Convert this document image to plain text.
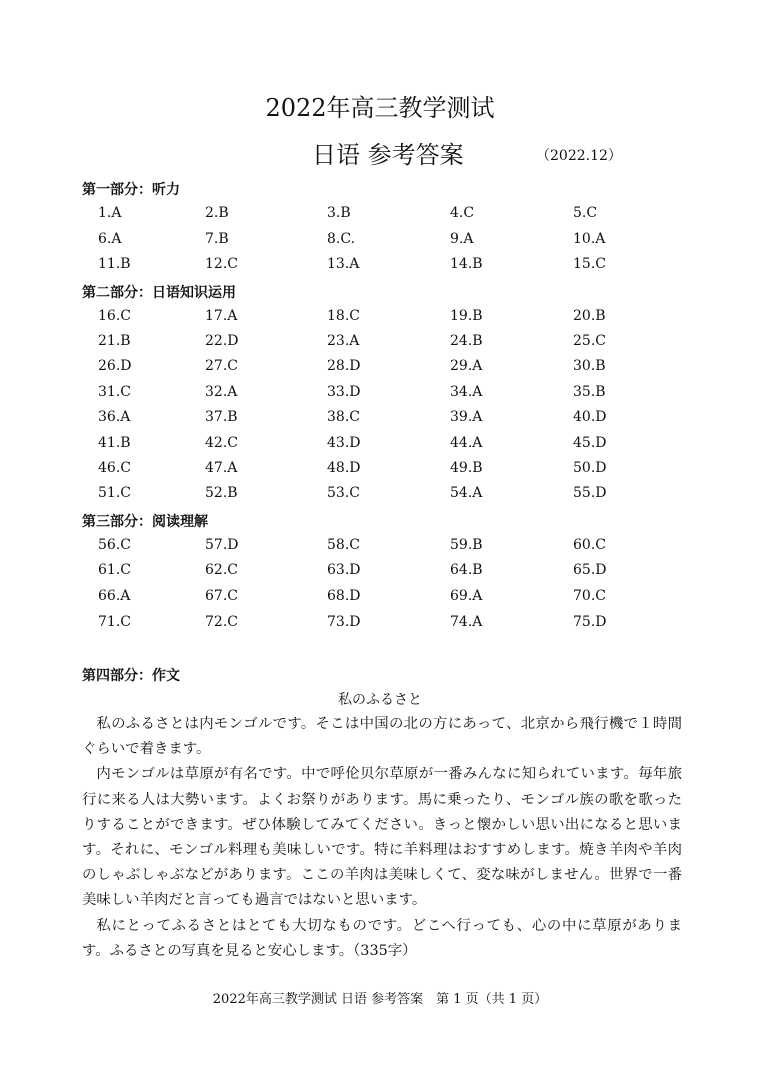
2022年高三教学测试
日语 参考答案	（2022.12）
第一部分：听力
1.A	2.B	3.B	4.C	5.C
6.A	7.B	8.C.	9.A	10.A
11.B	12.C	13.A	14.B	15.C
第二部分：日语知识运用
16.C	17.A	18.C	19.B	20.B
21.B	22.D	23.A	24.B	25.C
26.D	27.C	28.D	29.A	30.B
31.C	32.A	33.D	34.A	35.B
36.A	37.B	38.C	39.A	40.D
41.B	42.C	43.D	44.A	45.D
46.C	47.A	48.D	49.B	50.D
51.C	52.B	53.C	54.A	55.D
第三部分：阅读理解
56.C	57.D	58.C	59.B	60.C
61.C	62.C	63.D	64.B	65.D
66.A	67.C	68.D	69.A	70.C
71.C	72.C	73.D	74.A	75.D
第四部分：作文
私のふるさと

私のふるさとは内モンゴルです。そこは中国の北の方にあって、北京から飛行機で１時間ぐらいで着きます。

内モンゴルは草原が有名です。中で呼伦贝尔草原が一番みんなに知られています。毎年旅行に来る人は大勢います。よくお祭りがあります。馬に乗ったり、モンゴル族の歌を歌ったりすることができます。ぜひ体験してみてください。きっと懐かしい思い出になると思います。それに、モンゴル料理も美味しいです。特に羊料理はおすすめします。焼き羊肉や羊肉のしゃぶしゃぶなどがあります。ここの羊肉は美味しくて、変な味がしません。世界で一番美味しい羊肉だと言っても過言ではないと思います。

私にとってふるさとはとても大切なものです。どこへ行っても、心の中に草原があります。ふるさとの写真を見ると安心します。（335字）

2022年高三教学测试 日语 参考答案　第 1 页（共 1 页）
